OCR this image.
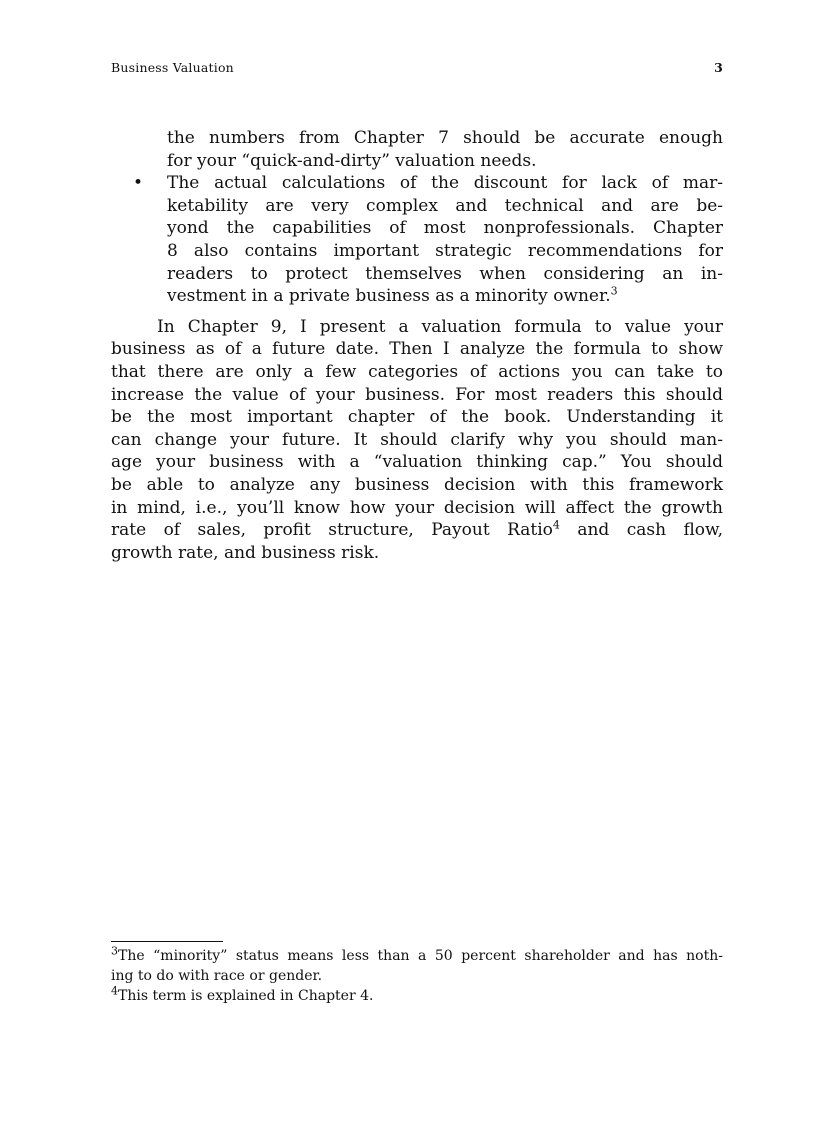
Business Valuation	3
the numbers from Chapter 7 should be accurate enough
for your “quick-and-dirty” valuation needs.
•	The actual calculations of the discount for lack of mar-
ketability are very complex and technical and are be-
yond the capabilities of most nonprofessionals. Chapter
8 also contains important strategic recommendations for
readers to protect themselves when considering an in-
vestment in a private business as a minority owner.$^3$
In Chapter 9, I present a valuation formula to value your
business as of a future date. Then I analyze the formula to show
that there are only a few categories of actions you can take to
increase the value of your business. For most readers this should
be the most important chapter of the book. Understanding it
can change your future. It should clarify why you should man-
age your business with a “valuation thinking cap.” You should
be able to analyze any business decision with this framework
in mind, i.e., you’ll know how your decision will affect the growth
rate of sales, profit structure, Payout Ratio$^4$ and cash flow,
growth rate, and business risk.
$^3$The “minority” status means less than a 50 percent shareholder and has noth-
ing to do with race or gender.
$^4$This term is explained in Chapter 4.
